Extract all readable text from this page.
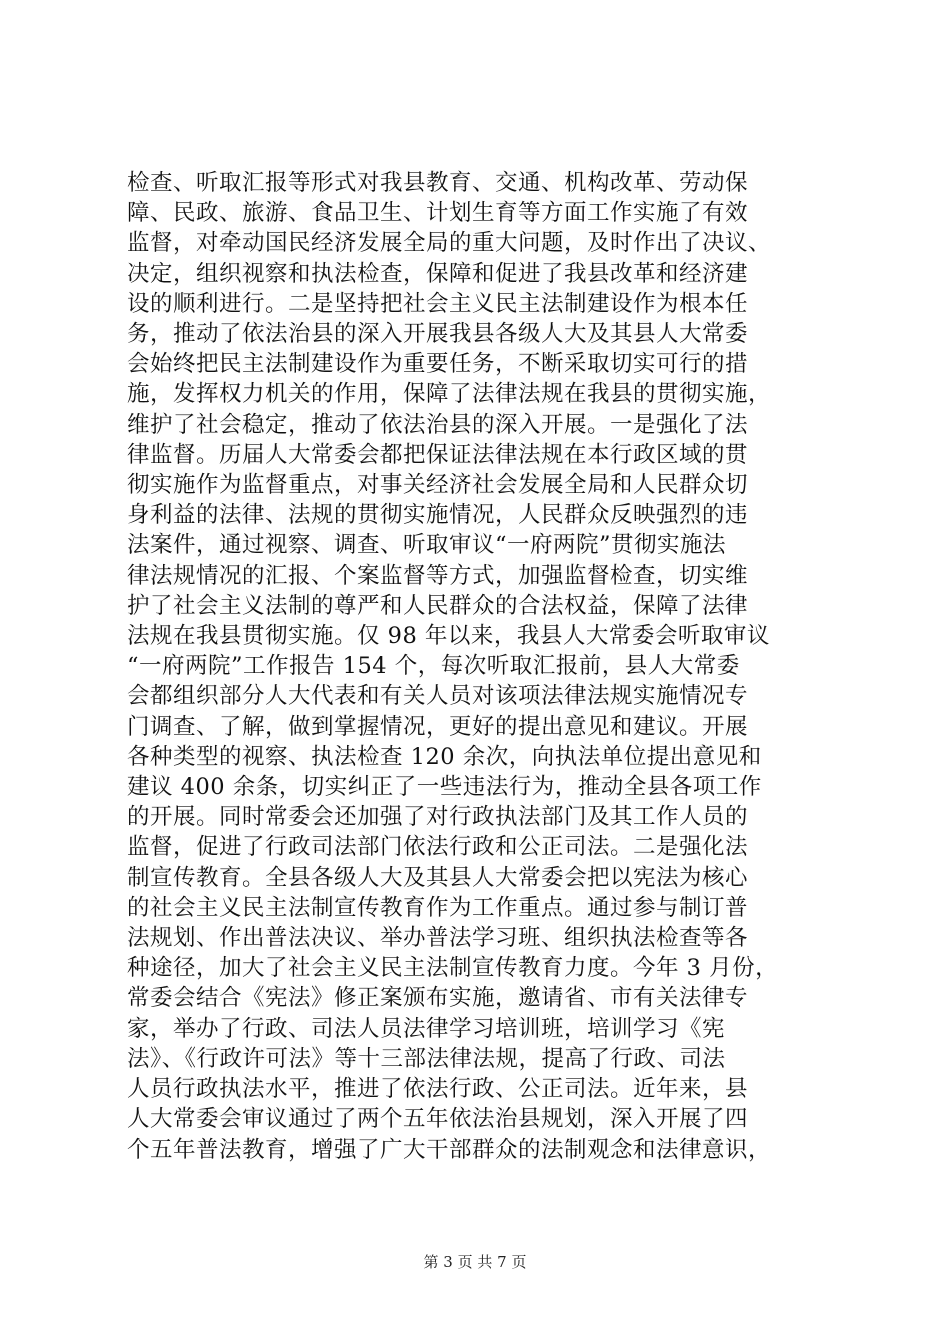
检查、听取汇报等形式对我县教育、交通、机构改革、劳动保
障、民政、旅游、食品卫生、计划生育等方面工作实施了有效
监督，对牵动国民经济发展全局的重大问题，及时作出了决议、
决定，组织视察和执法检查，保障和促进了我县改革和经济建
设的顺利进行。二是坚持把社会主义民主法制建设作为根本任
务，推动了依法治县的深入开展我县各级人大及其县人大常委
会始终把民主法制建设作为重要任务，不断采取切实可行的措
施，发挥权力机关的作用，保障了法律法规在我县的贯彻实施，
维护了社会稳定，推动了依法治县的深入开展。一是强化了法
律监督。历届人大常委会都把保证法律法规在本行政区域的贯
彻实施作为监督重点，对事关经济社会发展全局和人民群众切
身利益的法律、法规的贯彻实施情况，人民群众反映强烈的违
法案件，通过视察、调查、听取审议“一府两院”贯彻实施法
律法规情况的汇报、个案监督等方式，加强监督检查，切实维
护了社会主义法制的尊严和人民群众的合法权益，保障了法律
法规在我县贯彻实施。仅 98 年以来，我县人大常委会听取审议
“一府两院”工作报告 154 个，每次听取汇报前，县人大常委
会都组织部分人大代表和有关人员对该项法律法规实施情况专
门调查、了解，做到掌握情况，更好的提出意见和建议。开展
各种类型的视察、执法检查 120 余次，向执法单位提出意见和
建议 400 余条，切实纠正了一些违法行为，推动全县各项工作
的开展。同时常委会还加强了对行政执法部门及其工作人员的
监督，促进了行政司法部门依法行政和公正司法。二是强化法
制宣传教育。全县各级人大及其县人大常委会把以宪法为核心
的社会主义民主法制宣传教育作为工作重点。通过参与制订普
法规划、作出普法决议、举办普法学习班、组织执法检查等各
种途径，加大了社会主义民主法制宣传教育力度。今年 3 月份，
常委会结合《宪法》修正案颁布实施，邀请省、市有关法律专
家，举办了行政、司法人员法律学习培训班，培训学习《宪
法》、《行政许可法》等十三部法律法规，提高了行政、司法
人员行政执法水平，推进了依法行政、公正司法。近年来，县
人大常委会审议通过了两个五年依法治县规划，深入开展了四
个五年普法教育，增强了广大干部群众的法制观念和法律意识，
第 3 页 共 7 页
